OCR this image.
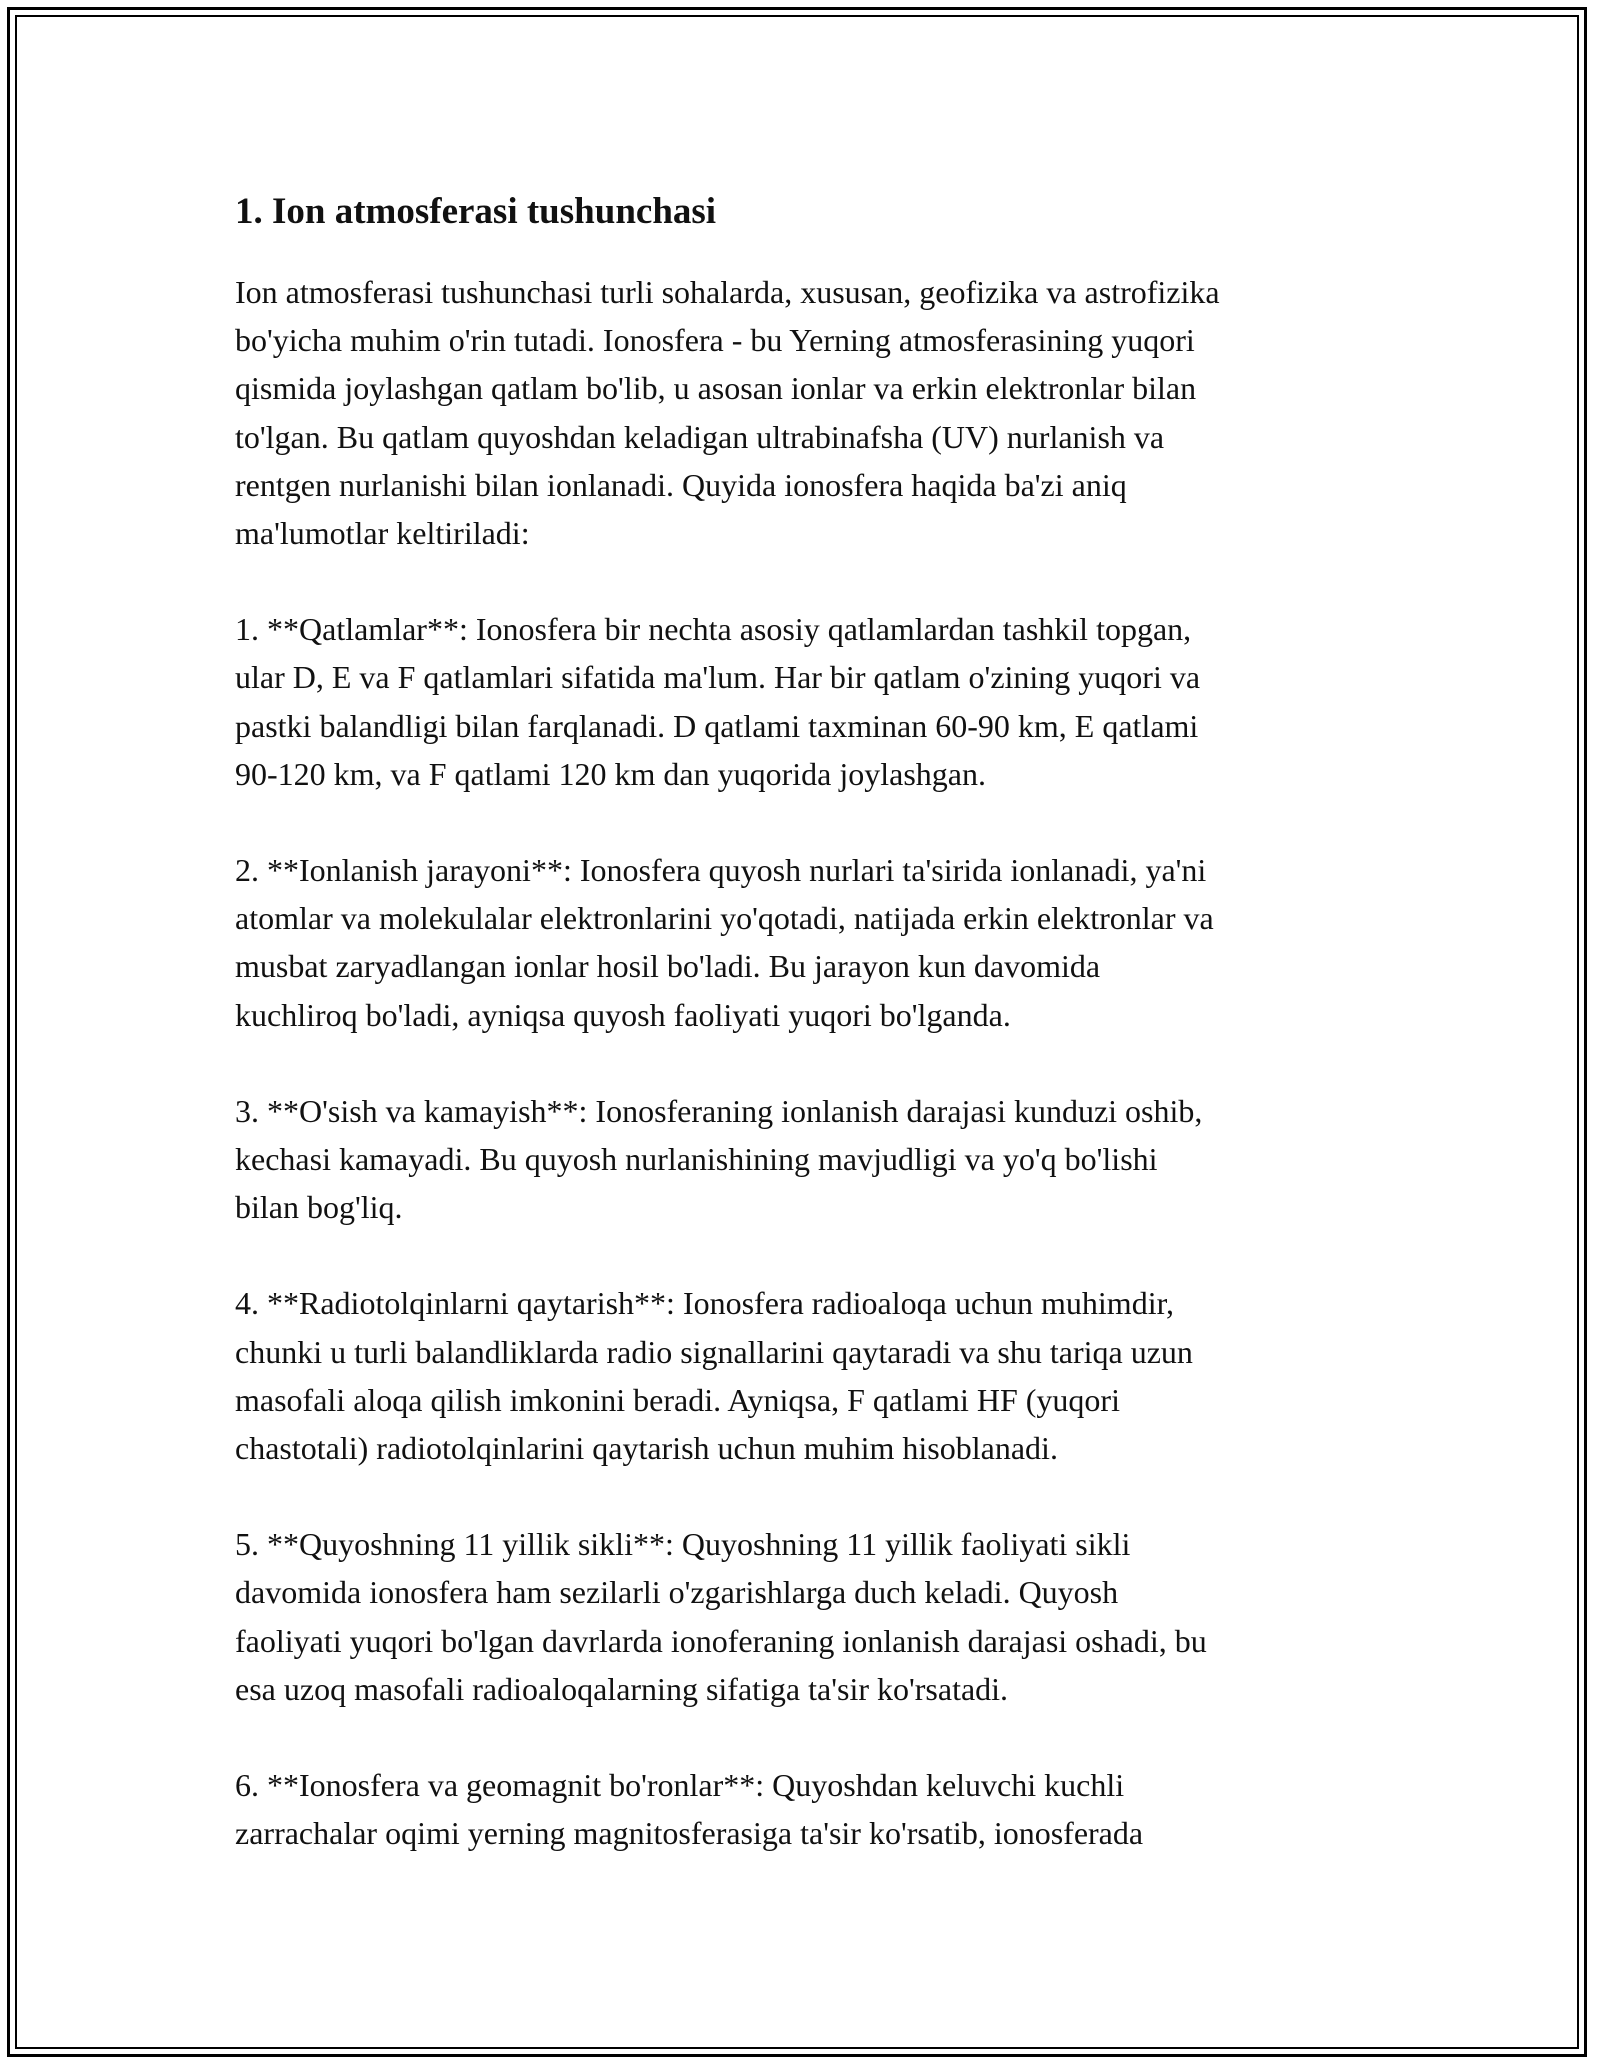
1. Ion atmosferasi tushunchasi

Ion atmosferasi tushunchasi turli sohalarda, xususan, geofizika va astrofizika
bo'yicha muhim o'rin tutadi. Ionosfera - bu Yerning atmosferasining yuqori
qismida joylashgan qatlam bo'lib, u asosan ionlar va erkin elektronlar bilan
to'lgan. Bu qatlam quyoshdan keladigan ultrabinafsha (UV) nurlanish va
rentgen nurlanishi bilan ionlanadi. Quyida ionosfera haqida ba'zi aniq
ma'lumotlar keltiriladi:

1. **Qatlamlar**: Ionosfera bir nechta asosiy qatlamlardan tashkil topgan,
ular D, E va F qatlamlari sifatida ma'lum. Har bir qatlam o'zining yuqori va
pastki balandligi bilan farqlanadi. D qatlami taxminan 60-90 km, E qatlami
90-120 km, va F qatlami 120 km dan yuqorida joylashgan.

2. **Ionlanish jarayoni**: Ionosfera quyosh nurlari ta'sirida ionlanadi, ya'ni
atomlar va molekulalar elektronlarini yo'qotadi, natijada erkin elektronlar va
musbat zaryadlangan ionlar hosil bo'ladi. Bu jarayon kun davomida
kuchliroq bo'ladi, ayniqsa quyosh faoliyati yuqori bo'lganda.

3. **O'sish va kamayish**: Ionosferaning ionlanish darajasi kunduzi oshib,
kechasi kamayadi. Bu quyosh nurlanishining mavjudligi va yo'q bo'lishi
bilan bog'liq.

4. **Radiotolqinlarni qaytarish**: Ionosfera radioaloqa uchun muhimdir,
chunki u turli balandliklarda radio signallarini qaytaradi va shu tariqa uzun
masofali aloqa qilish imkonini beradi. Ayniqsa, F qatlami HF (yuqori
chastotali) radiotolqinlarini qaytarish uchun muhim hisoblanadi.

5. **Quyoshning 11 yillik sikli**: Quyoshning 11 yillik faoliyati sikli
davomida ionosfera ham sezilarli o'zgarishlarga duch keladi. Quyosh
faoliyati yuqori bo'lgan davrlarda ionoferaning ionlanish darajasi oshadi, bu
esa uzoq masofali radioaloqalarning sifatiga ta'sir ko'rsatadi.

6. **Ionosfera va geomagnit bo'ronlar**: Quyoshdan keluvchi kuchli
zarrachalar oqimi yerning magnitosferasiga ta'sir ko'rsatib, ionosferada
